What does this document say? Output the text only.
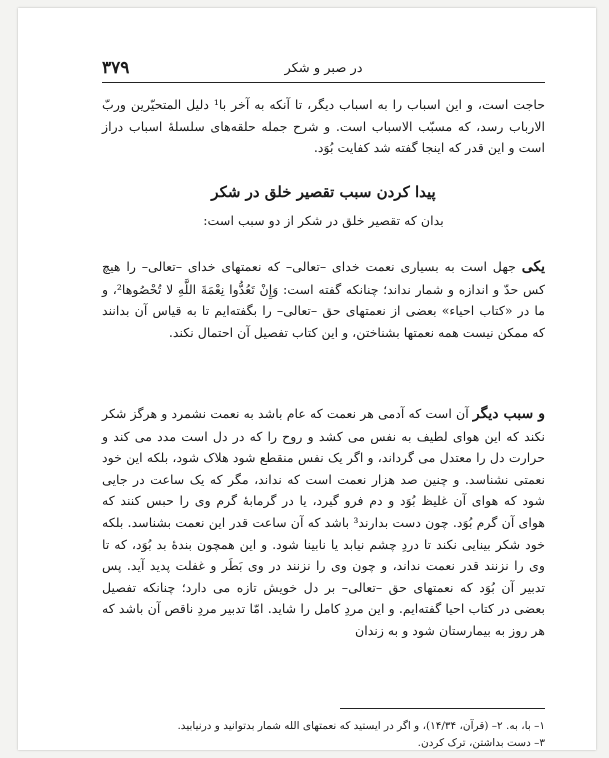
۳۷۹	در صبر و شکر

حاجت است، و این اسباب را به اسباب دیگر، تا آنکه به آخر با¹ دلیل المتحیّرین وربّ الارباب رسد، که مسبّب الاسباب است. و شرح جمله حلقه‌های سلسلهٔ اسباب دراز است و این قدر که اینجا گفته شد کفایت بُوَد.

پیدا کردن سبب تقصیر خلق در شکر
بدان که تقصیر خلق در شکر از دو سبب است:

یکی جهل است به بسیاری نعمت خدای –تعالی– که نعمتهای خدای –تعالی– را هیچ کس حدّ و اندازه و شمار نداند؛ چنانکه گفته است: وَإِنْ تَعُدُّوا نِعْمَةَ اللَّهِ لا تُحْصُوها²، و ما در «کتاب احیاء» بعضی از نعمتهای حق –تعالی– را بگفته‌ایم تا به قیاس آن بدانند که ممکن نیست همه نعمتها بشناختن، و این کتاب تفصیل آن احتمال نکند.

و سبب دیگر آن است که آدمی هر نعمت که عام باشد به نعمت نشمرد و هرگز شکر نکند که این هوای لطیف به نفس می کشد و روح را که در دل است مدد می کند و حرارت دل را معتدل می گرداند، و اگر یک نفس منقطع شود هلاک شود، بلکه این خود نعمتی نشناسد. و چنین صد هزار نعمت است که نداند، مگر که یک ساعت در جایی شود که هوای آن غلیظ بُوَد و دم فرو گیرد، یا در گرمابهٔ گرم وی را حبس کنند که هوای آن گرم بُوَد. چون دست بدارند³ باشد که آن ساعت قدر این نعمت بشناسد. بلکه خود شکر بینایی نکند تا دردِ چشم نیابد یا نابینا شود. و این همچون بندهٔ بد بُوَد، که تا وی را نزنند قدر نعمت نداند، و چون وی را نزنند در وی بَطَر و غفلت پدید آید. پس تدبیر آن بُوَد که نعمتهای حق –تعالی– بر دل خویش تازه می دارد؛ چنانکه تفصیل بعضی در کتاب احیا گفته‌ایم. و این مردِ کامل را شاید. امّا تدبیر مردِ ناقص آن باشد که هر روز به بیمارستان شود و به زندان

۱– با، به. ۲– (قرآن، ۱۴/۳۴)، و اگر در ایستید که نعمتهای الله شمار بدتوانید و درنیابید.
۳– دست بداشتن، ترک کردن.
